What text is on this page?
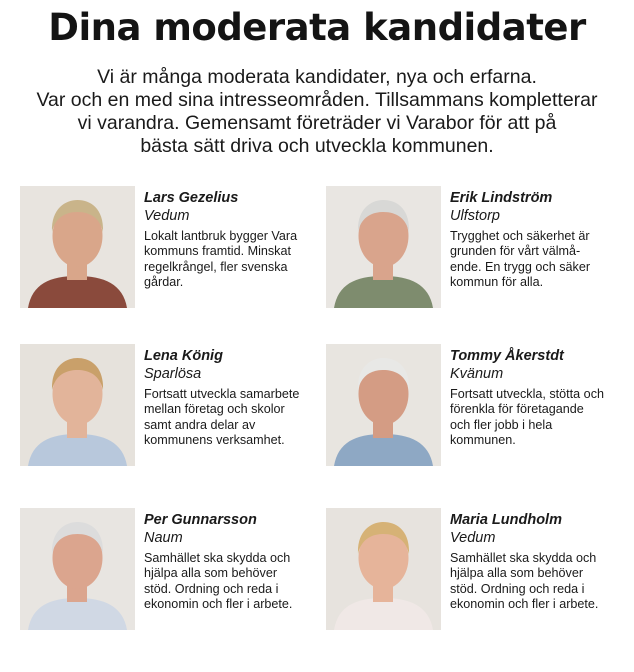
Dina moderata kandidater
Vi är många moderata kandidater, nya och erfarna.
Var och en med sina intresseområden. Tillsammans kompletterar
vi varandra. Gemensamt företräder vi Varabor för att på
bästa sätt driva och utveckla kommunen.
Lars Gezelius
Vedum
Lokalt lantbruk bygger Vara
kommuns framtid. Minskat
regelkrångel, fler svenska
gårdar.
Erik Lindström
Ulfstorp
Trygghet och säkerhet är
grunden för vårt välmå-
ende. En trygg och säker
kommun för alla.
Lena König
Sparlösa
Fortsatt utveckla samarbete
mellan företag och skolor
samt andra delar av
kommunens verksamhet.
Tommy Åkerstdt
Kvänum
Fortsatt utveckla, stötta och
förenkla för företagande
och fler jobb i hela
kommunen.
Per Gunnarsson
Naum
Samhället ska skydda och
hjälpa alla som behöver
stöd. Ordning och reda i
ekonomin och fler i arbete.
Maria Lundholm
Vedum
Samhället ska skydda och
hjälpa alla som behöver
stöd. Ordning och reda i
ekonomin och fler i arbete.
